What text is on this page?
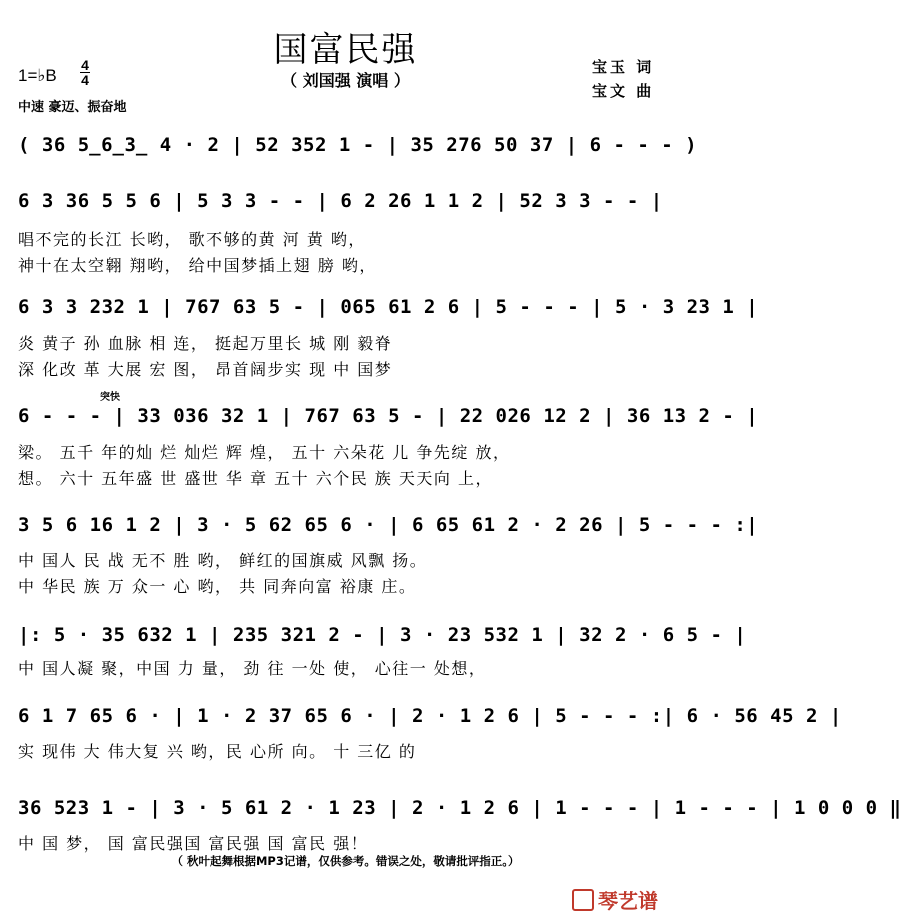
国富民强
（ 刘国强 演唱 ）
1=♭B
4
4
中速 豪迈、振奋地
宝玉 词
宝文 曲
( 36 5̲6̲3̲ 4 · 2 | 52 352 1 - | 35 276 50 37 | 6 - - - )
6 3 36 5 5 6 | 5 3 3 - - | 6 2 26 1 1 2 | 52 3 3 - - |
唱不完的长江 长哟， 歌不够的黄 河 黄 哟，
神十在太空翱 翔哟， 给中国梦插上翅 膀 哟，
6 3 3 232 1 | 767 63 5 - | 065 61 2 6 | 5 - - - | 5 · 3 23 1 |
炎 黄子 孙 血脉 相 连， 挺起万里长 城 刚 毅脊
深 化改 革 大展 宏 图， 昂首阔步实 现 中 国梦
突快
6 - - - | 33 036 32 1 | 767 63 5 - | 22 026 12 2 | 36 13 2 - |
梁。 五千 年的灿 烂 灿烂 辉 煌， 五十 六朵花 儿 争先绽 放，
想。 六十 五年盛 世 盛世 华 章 五十 六个民 族 天天向 上，
3 5 6 16 1 2 | 3 · 5 62 65 6 · | 6 65 61 2 · 2 26 | 5 - - - :|
中 国人 民 战 无不 胜 哟， 鲜红的国旗威 风飘 扬。
中 华民 族 万 众一 心 哟， 共 同奔向富 裕康 庄。
|: 5 · 35 632 1 | 235 321 2 - | 3 · 23 532 1 | 32 2 · 6 5 - |
中 国人凝 聚，中国 力 量， 劲 往 一处 使， 心往一 处想，
6 1 7 65 6 · | 1 · 2 37 65 6 · | 2 · 1 2 6 | 5 - - - :| 6 · 56 45 2 |
实 现伟 大 伟大复 兴 哟，民 心所 向。 十 三亿 的
36 523 1 - | 3 · 5 61 2 · 1 23 | 2 · 1 2 6 | 1 - - - | 1 - - - | 1 0 0 0 ‖
中 国 梦， 国 富民强国 富民强 国 富民 强！
（ 秋叶起舞根据MP3记谱，仅供参考。错误之处，敬请批评指正。）
琴艺谱
